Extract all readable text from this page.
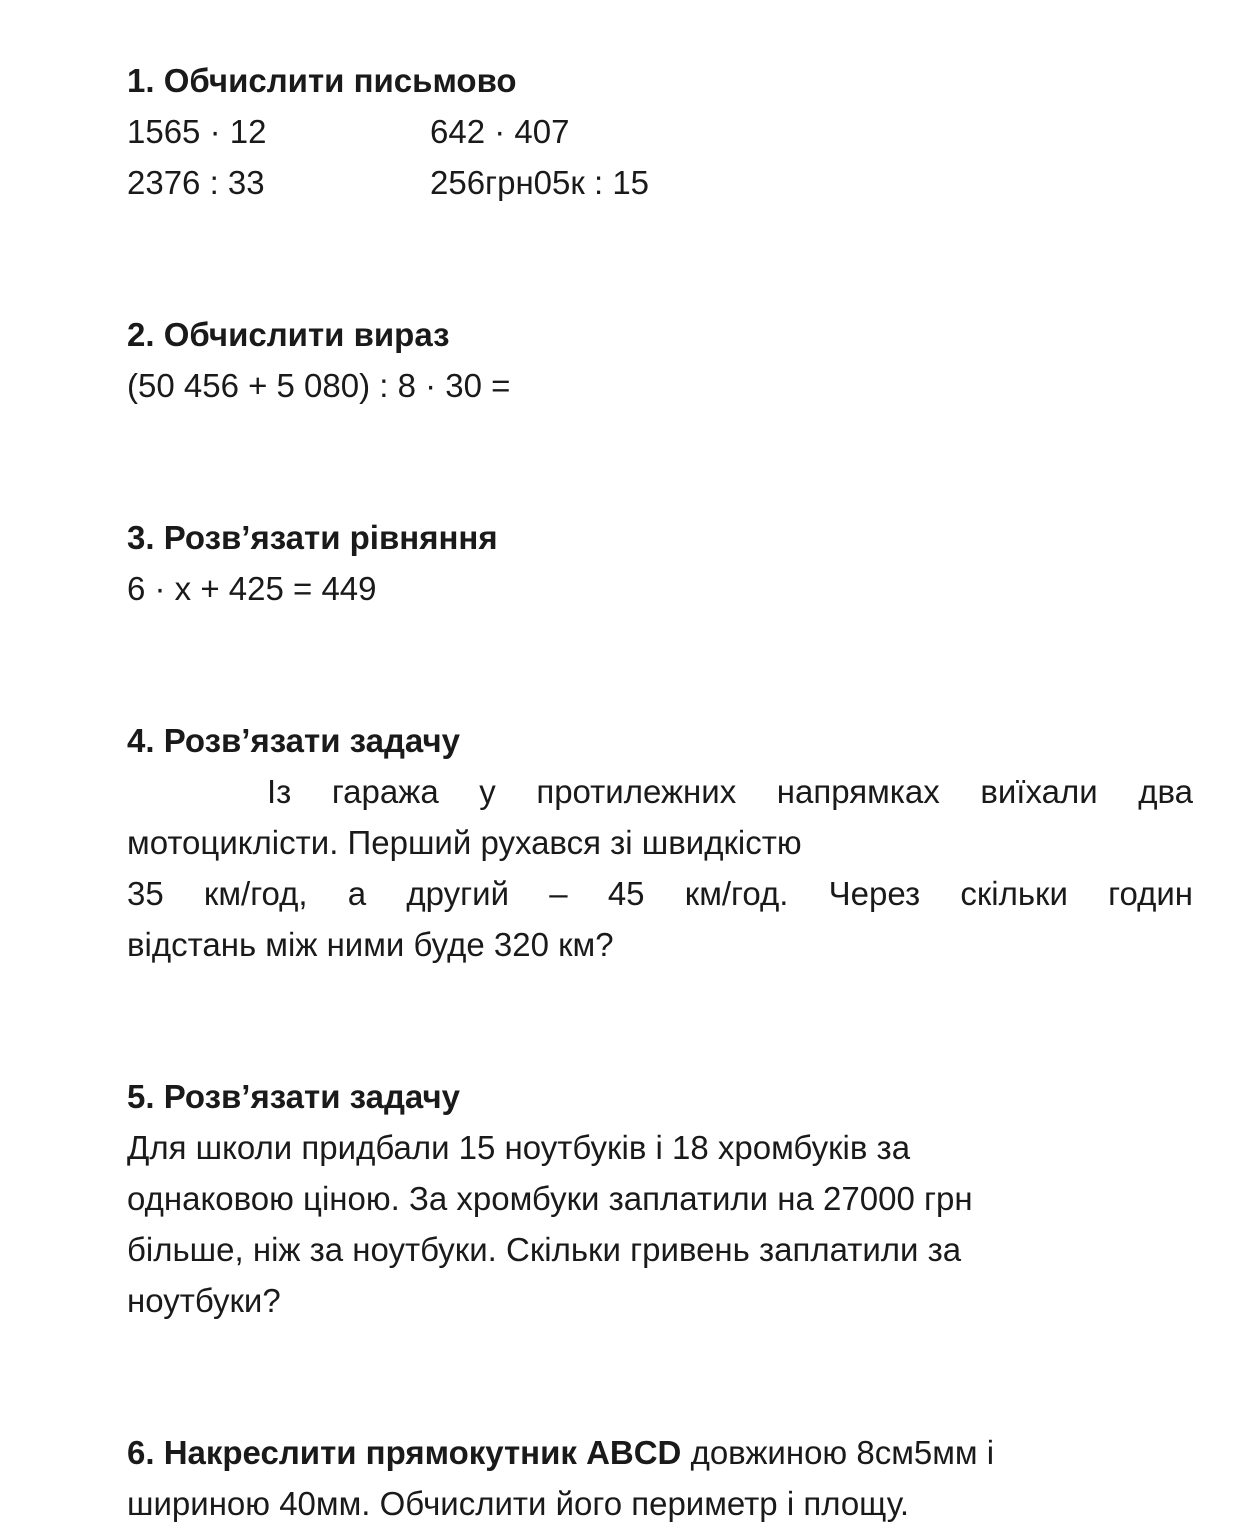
1. Обчислити письмово
1565 · 12	642 · 407
2376 : 33	256грн05к : 15
2. Обчислити вираз
(50 456 + 5 080) : 8 · 30 =
3. Розв’язати рівняння
6 · х + 425 = 449
4. Розв’язати задачу
Із гаража у протилежних напрямках виїхали два
мотоциклісти. Перший рухався зі швидкістю
35 км/год, а другий – 45 км/год. Через скільки годин
відстань між ними буде 320 км?
5. Розв’язати задачу
Для школи придбали 15 ноутбуків і 18 хромбуків за
однаковою ціною. За хромбуки заплатили на 27000 грн
більше, ніж за ноутбуки. Скільки гривень заплатили за
ноутбуки?
6. Накреслити прямокутник ABCD довжиною 8см5мм і
шириною 40мм. Обчислити його периметр і площу.
